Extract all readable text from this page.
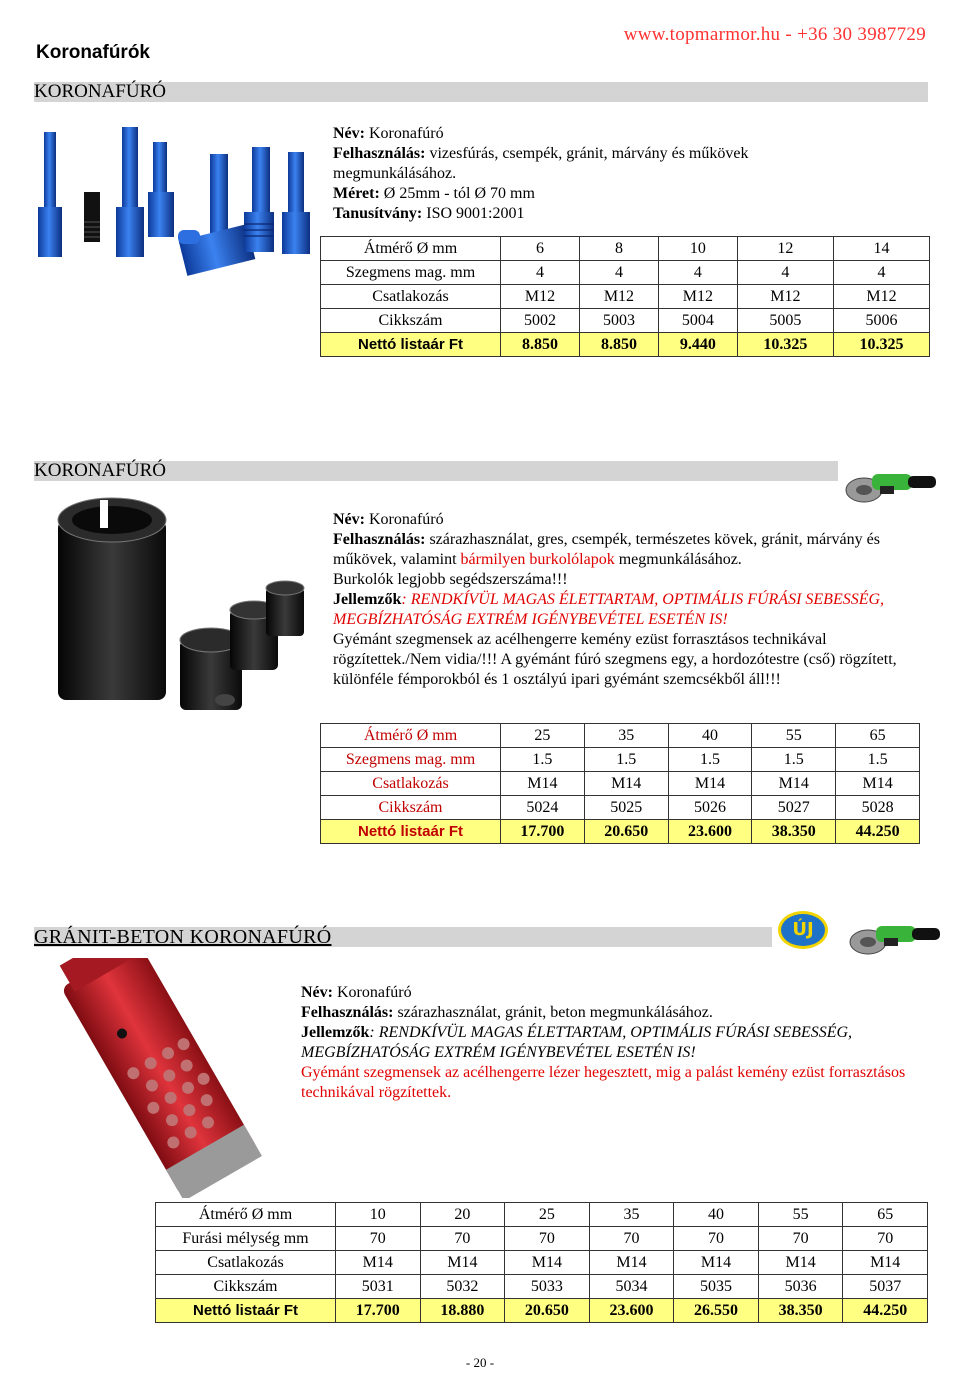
Koronafúrók
www.topmarmor.hu - +36 30 3987729
KORONAFÚRÓ
Név: Koronafúró
Felhasználás: vizesfúrás, csempék, gránit, márvány és műkövek megmunkálásához.
Méret: Ø 25mm - tól Ø 70 mm
Tanusítvány: ISO 9001:2001
Átmérő Ø mm	6	8	10	12	14
Szegmens mag. mm	4	4	4	4	4
Csatlakozás	M12	M12	M12	M12	M12
Cikkszám	5002	5003	5004	5005	5006
Nettó listaár Ft	8.850	8.850	9.440	10.325	10.325
KORONAFÚRÓ
Név: Koronafúró
Felhasználás: szárazhasználat, gres, csempék, természetes kövek, gránit, márvány és műkövek, valamint bármilyen burkolólapok megmunkálásához.
Burkolók legjobb segédszerszáma!!!
Jellemzők: RENDKÍVÜL MAGAS ÉLETTARTAM, OPTIMÁLIS FÚRÁSI SEBESSÉG, MEGBÍZHATÓSÁG EXTRÉM IGÉNYBEVÉTEL ESETÉN IS!
Gyémánt szegmensek az acélhengerre kemény ezüst forrasztásos technikával rögzítettek./Nem vidia/!!! A gyémánt fúró szegmens egy, a hordozótestre (cső) rögzített, különféle fémporokból és 1 osztályú ipari gyémánt szemcsékből áll!!!
Átmérő Ø mm	25	35	40	55	65
Szegmens mag. mm	1.5	1.5	1.5	1.5	1.5
Csatlakozás	M14	M14	M14	M14	M14
Cikkszám	5024	5025	5026	5027	5028
Nettó listaár Ft	17.700	20.650	23.600	38.350	44.250
GRÁNIT-BETON KORONAFÚRÓ	ÚJ
Név: Koronafúró
Felhasználás: szárazhasználat, gránit, beton megmunkálásához.
Jellemzők: RENDKÍVÜL MAGAS ÉLETTARTAM, OPTIMÁLIS FÚRÁSI SEBESSÉG, MEGBÍZHATÓSÁG EXTRÉM IGÉNYBEVÉTEL ESETÉN IS!
Gyémánt szegmensek az acélhengerre lézer hegesztett, mig a palást kemény ezüst forrasztásos technikával rögzítettek.
Átmérő Ø mm	10	20	25	35	40	55	65
Furási mélység mm	70	70	70	70	70	70	70
Csatlakozás	M14	M14	M14	M14	M14	M14	M14
Cikkszám	5031	5032	5033	5034	5035	5036	5037
Nettó listaár Ft	17.700	18.880	20.650	23.600	26.550	38.350	44.250
- 20 -
